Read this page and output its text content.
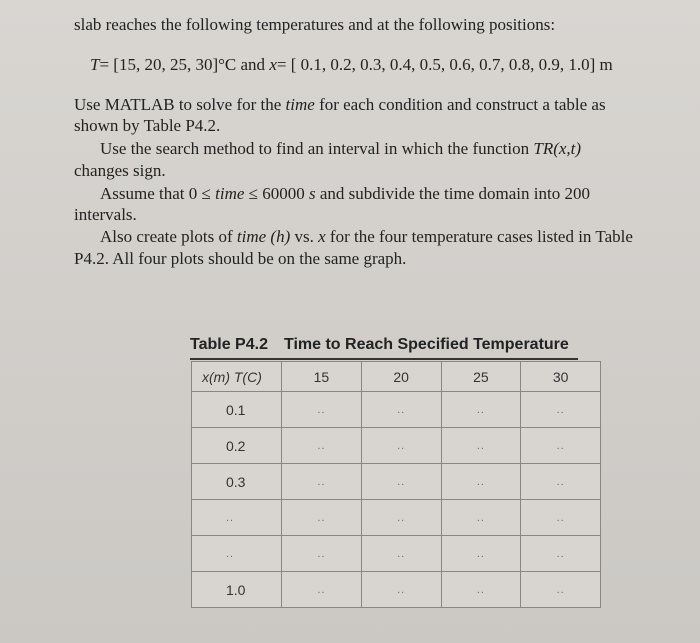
slab reaches the following temperatures and at the following positions:
T= [15, 20, 25, 30]°C and x= [ 0.1, 0.2, 0.3, 0.4, 0.5, 0.6, 0.7, 0.8, 0.9, 1.0] m
Use MATLAB to solve for the time for each condition and construct a table as
shown by Table P4.2.
Use the search method to find an interval in which the function TR(x,t)
changes sign.
Assume that 0 ≤ time ≤ 60000 s and subdivide the time domain into 200
intervals.
Also create plots of time (h) vs. x for the four temperature cases listed in Table
P4.2. All four plots should be on the same graph.
Table P4.2 Time to Reach Specified Temperature
x(m) T(C)	15	20	25	30
0.1	..	..	..	..
0.2	..	..	..	..
0.3	..	..	..	..
..	..	..	..	..
..	..	..	..	..
1.0	..	..	..	..
